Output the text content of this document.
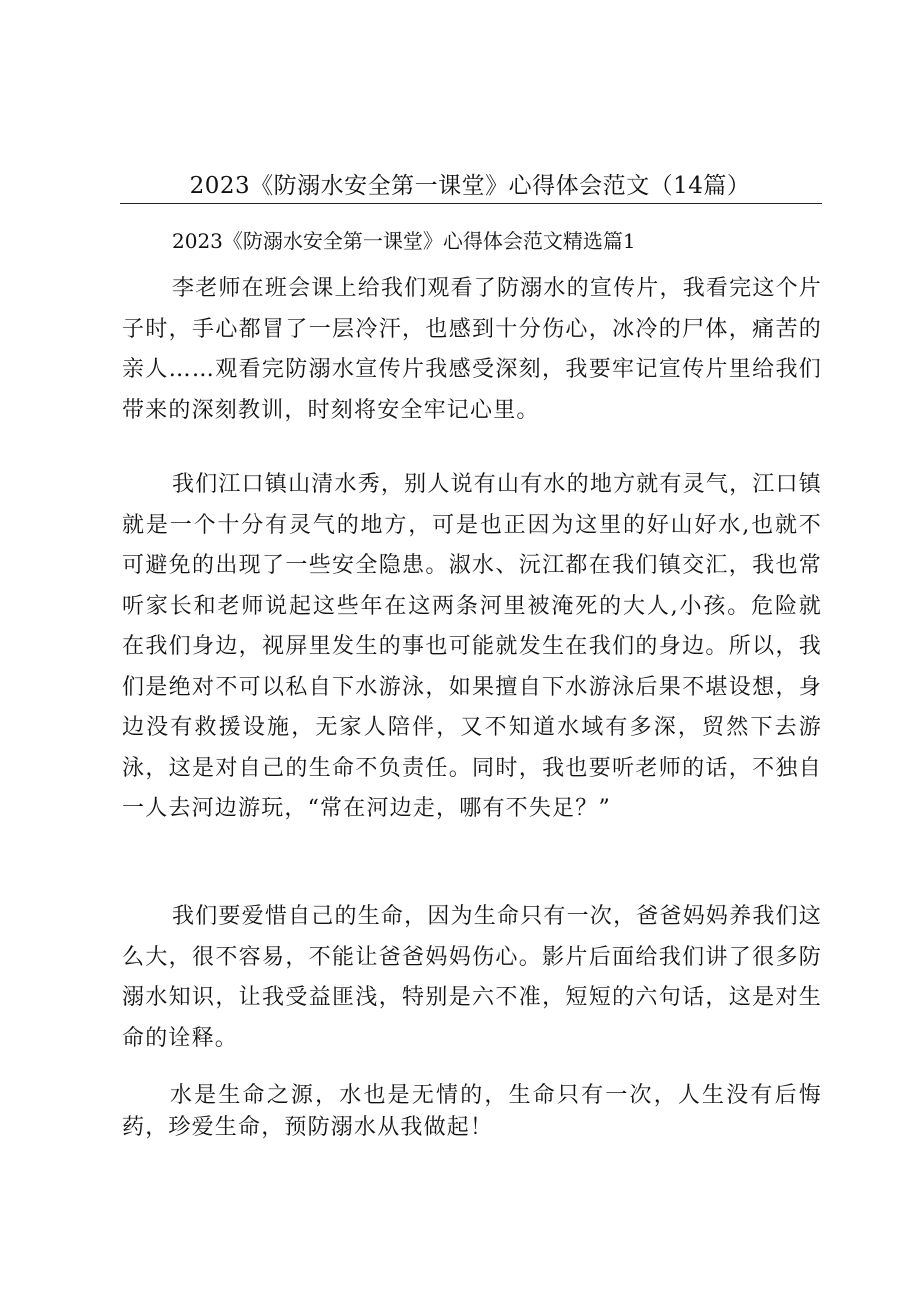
2023《防溺水安全第一课堂》心得体会范文（14篇）
2023《防溺水安全第一课堂》心得体会范文精选篇1

李老师在班会课上给我们观看了防溺水的宣传片，我看完这个片子时，手心都冒了一层冷汗，也感到十分伤心，冰冷的尸体，痛苦的亲人……观看完防溺水宣传片我感受深刻，我要牢记宣传片里给我们带来的深刻教训，时刻将安全牢记心里。

我们江口镇山清水秀，别人说有山有水的地方就有灵气，江口镇就是一个十分有灵气的地方，可是也正因为这里的好山好水,也就不可避免的出现了一些安全隐患。淑水、沅江都在我们镇交汇，我也常听家长和老师说起这些年在这两条河里被淹死的大人,小孩。危险就在我们身边，视屏里发生的事也可能就发生在我们的身边。所以，我们是绝对不可以私自下水游泳，如果擅自下水游泳后果不堪设想，身边没有救援设施，无家人陪伴，又不知道水域有多深，贸然下去游泳，这是对自己的生命不负责任。同时，我也要听老师的话，不独自一人去河边游玩，“常在河边走，哪有不失足？”

我们要爱惜自己的生命，因为生命只有一次，爸爸妈妈养我们这么大，很不容易，不能让爸爸妈妈伤心。影片后面给我们讲了很多防溺水知识，让我受益匪浅，特别是六不准，短短的六句话，这是对生命的诠释。

水是生命之源，水也是无情的，生命只有一次，人生没有后悔药，珍爱生命，预防溺水从我做起！
